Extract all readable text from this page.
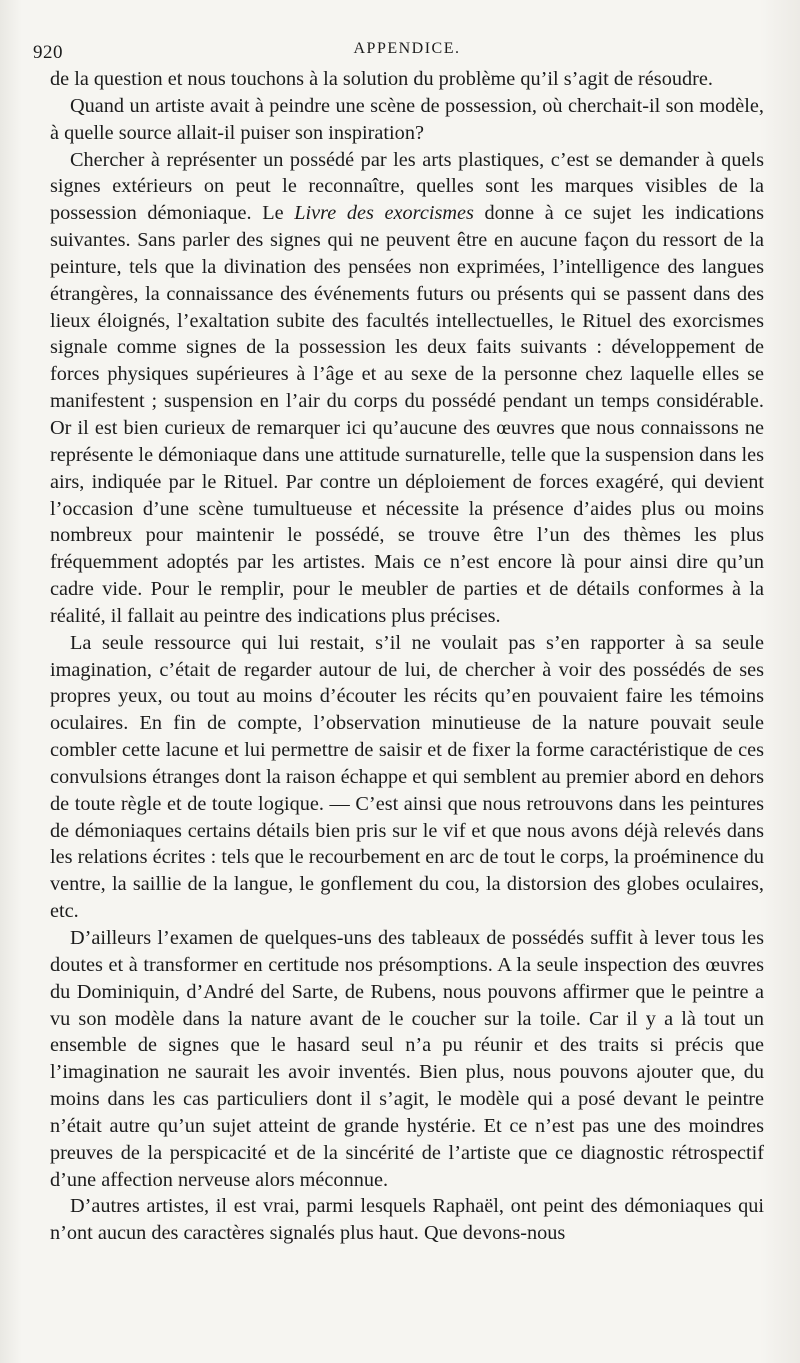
920	APPENDICE.

de la question et nous touchons à la solution du problème qu’il s’agit de résoudre.

Quand un artiste avait à peindre une scène de possession, où cherchait-il son modèle, à quelle source allait-il puiser son inspiration?

Chercher à représenter un possédé par les arts plastiques, c’est se demander à quels signes extérieurs on peut le reconnaître, quelles sont les marques visibles de la possession démoniaque. Le Livre des exorcismes donne à ce sujet les indications suivantes. Sans parler des signes qui ne peuvent être en aucune façon du ressort de la peinture, tels que la divination des pensées non exprimées, l’intelligence des langues étrangères, la connaissance des événements futurs ou présents qui se passent dans des lieux éloignés, l’exaltation subite des facultés intellectuelles, le Rituel des exorcismes signale comme signes de la possession les deux faits suivants : développement de forces physiques supérieures à l’âge et au sexe de la personne chez laquelle elles se manifestent ; suspension en l’air du corps du possédé pendant un temps considérable. Or il est bien curieux de remarquer ici qu’aucune des œuvres que nous connaissons ne représente le démoniaque dans une attitude surnaturelle, telle que la suspension dans les airs, indiquée par le Rituel. Par contre un déploiement de forces exagéré, qui devient l’occasion d’une scène tumultueuse et nécessite la présence d’aides plus ou moins nombreux pour maintenir le possédé, se trouve être l’un des thèmes les plus fréquemment adoptés par les artistes. Mais ce n’est encore là pour ainsi dire qu’un cadre vide. Pour le remplir, pour le meubler de parties et de détails conformes à la réalité, il fallait au peintre des indications plus précises.

La seule ressource qui lui restait, s’il ne voulait pas s’en rapporter à sa seule imagination, c’était de regarder autour de lui, de chercher à voir des possédés de ses propres yeux, ou tout au moins d’écouter les récits qu’en pouvaient faire les témoins oculaires. En fin de compte, l’observation minutieuse de la nature pouvait seule combler cette lacune et lui permettre de saisir et de fixer la forme caractéristique de ces convulsions étranges dont la raison échappe et qui semblent au premier abord en dehors de toute règle et de toute logique. — C’est ainsi que nous retrouvons dans les peintures de démoniaques certains détails bien pris sur le vif et que nous avons déjà relevés dans les relations écrites : tels que le recourbement en arc de tout le corps, la proéminence du ventre, la saillie de la langue, le gonflement du cou, la distorsion des globes oculaires, etc.

D’ailleurs l’examen de quelques-uns des tableaux de possédés suffit à lever tous les doutes et à transformer en certitude nos présomptions. A la seule inspection des œuvres du Dominiquin, d’André del Sarte, de Rubens, nous pouvons affirmer que le peintre a vu son modèle dans la nature avant de le coucher sur la toile. Car il y a là tout un ensemble de signes que le hasard seul n’a pu réunir et des traits si précis que l’imagination ne saurait les avoir inventés. Bien plus, nous pouvons ajouter que, du moins dans les cas particuliers dont il s’agit, le modèle qui a posé devant le peintre n’était autre qu’un sujet atteint de grande hystérie. Et ce n’est pas une des moindres preuves de la perspicacité et de la sincérité de l’artiste que ce diagnostic rétrospectif d’une affection nerveuse alors méconnue.

D’autres artistes, il est vrai, parmi lesquels Raphaël, ont peint des démoniaques qui n’ont aucun des caractères signalés plus haut. Que devons-nous
